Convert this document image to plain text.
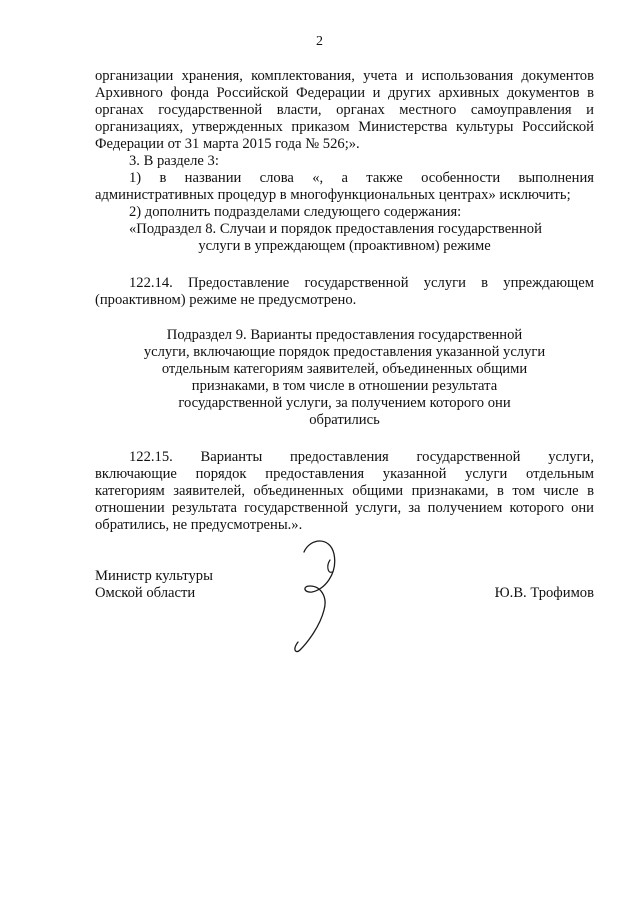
2
организации хранения, комплектования, учета и использования документов
Архивного фонда Российской Федерации и других архивных документов в
органах государственной власти, органах местного самоуправления и
организациях, утвержденных приказом Министерства культуры Российской
Федерации от 31 марта 2015 года № 526;».
3. В разделе 3:
1) в названии слова «, а также особенности выполнения
административных процедур в многофункциональных центрах» исключить;
2) дополнить подразделами следующего содержания:
«Подраздел 8. Случаи и порядок предоставления государственной
услуги в упреждающем (проактивном) режиме
122.14. Предоставление государственной услуги в упреждающем
(проактивном) режиме не предусмотрено.
Подраздел 9. Варианты предоставления государственной
услуги, включающие порядок предоставления указанной услуги
отдельным категориям заявителей, объединенных общими
признаками, в том числе в отношении результата
государственной услуги, за получением которого они
обратились
122.15. Варианты предоставления государственной услуги,
включающие порядок предоставления указанной услуги отдельным
категориям заявителей, объединенных общими признаками, в том числе в
отношении результата государственной услуги, за получением которого они
обратились, не предусмотрены.».
Министр культуры
Омской области	Ю.В. Трофимов
